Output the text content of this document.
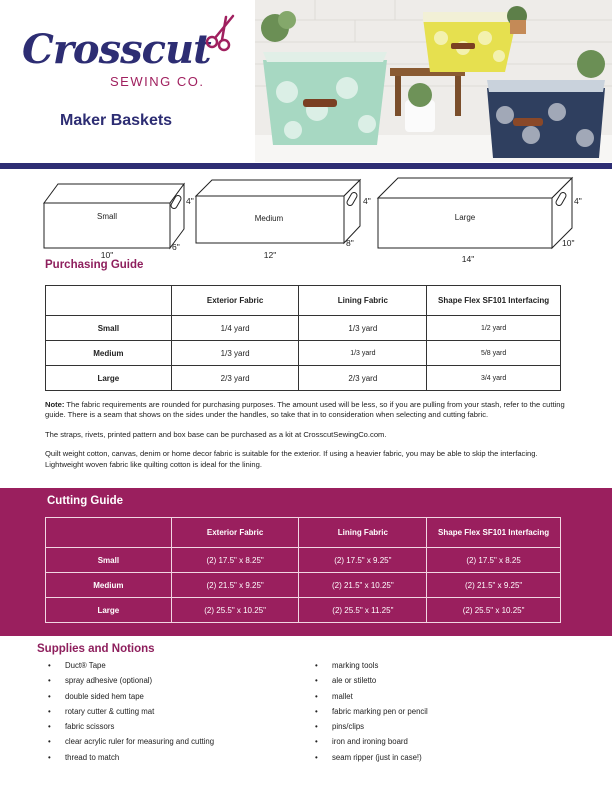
Crosscut
SEWING CO.
Maker Baskets
Small
10"
4"
6"
Medium
12"
4"
8"
Large
14"
4"
10"
Purchasing Guide
	Exterior Fabric	Lining Fabric	Shape Flex SF101 Interfacing
Small	1/4 yard	1/3 yard	1/2 yard
Medium	1/3 yard	1/3 yard	5/8 yard
Large	2/3 yard	2/3 yard	3/4 yard

Note: The fabric requirements are rounded for purchasing purposes. The amount used will be less, so if you are pulling from your stash, refer to the cutting guide. There is a seam that shows on the sides under the handles, so take that in to consideration when selecting and cutting fabric.

The straps, rivets, printed pattern and box base can be purchased as a kit at CrosscutSewingCo.com.

Quilt weight cotton, canvas, denim or home decor fabric is suitable for the exterior. If using a heavier fabric, you may be able to skip the interfacing. Lightweight woven fabric like quilting cotton is ideal for the lining.

Cutting Guide
	Exterior Fabric	Lining Fabric	Shape Flex SF101 Interfacing
Small	(2) 17.5" x 8.25"	(2) 17.5" x 9.25"	(2) 17.5" x 8.25
Medium	(2) 21.5" x 9.25"	(2) 21.5" x 10.25"	(2) 21.5" x 9.25"
Large	(2) 25.5" x 10.25"	(2) 25.5" x 11.25"	(2) 25.5" x 10.25"
Supplies and Notions
• Duct® Tape
• spray adhesive (optional)
• double sided hem tape
• rotary cutter & cutting mat
• fabric scissors
• clear acrylic ruler for measuring and cutting
• thread to match
• marking tools
• ale or stiletto
• mallet
• fabric marking pen or pencil
• pins/clips
• iron and ironing board
• seam ripper (just in case!)
